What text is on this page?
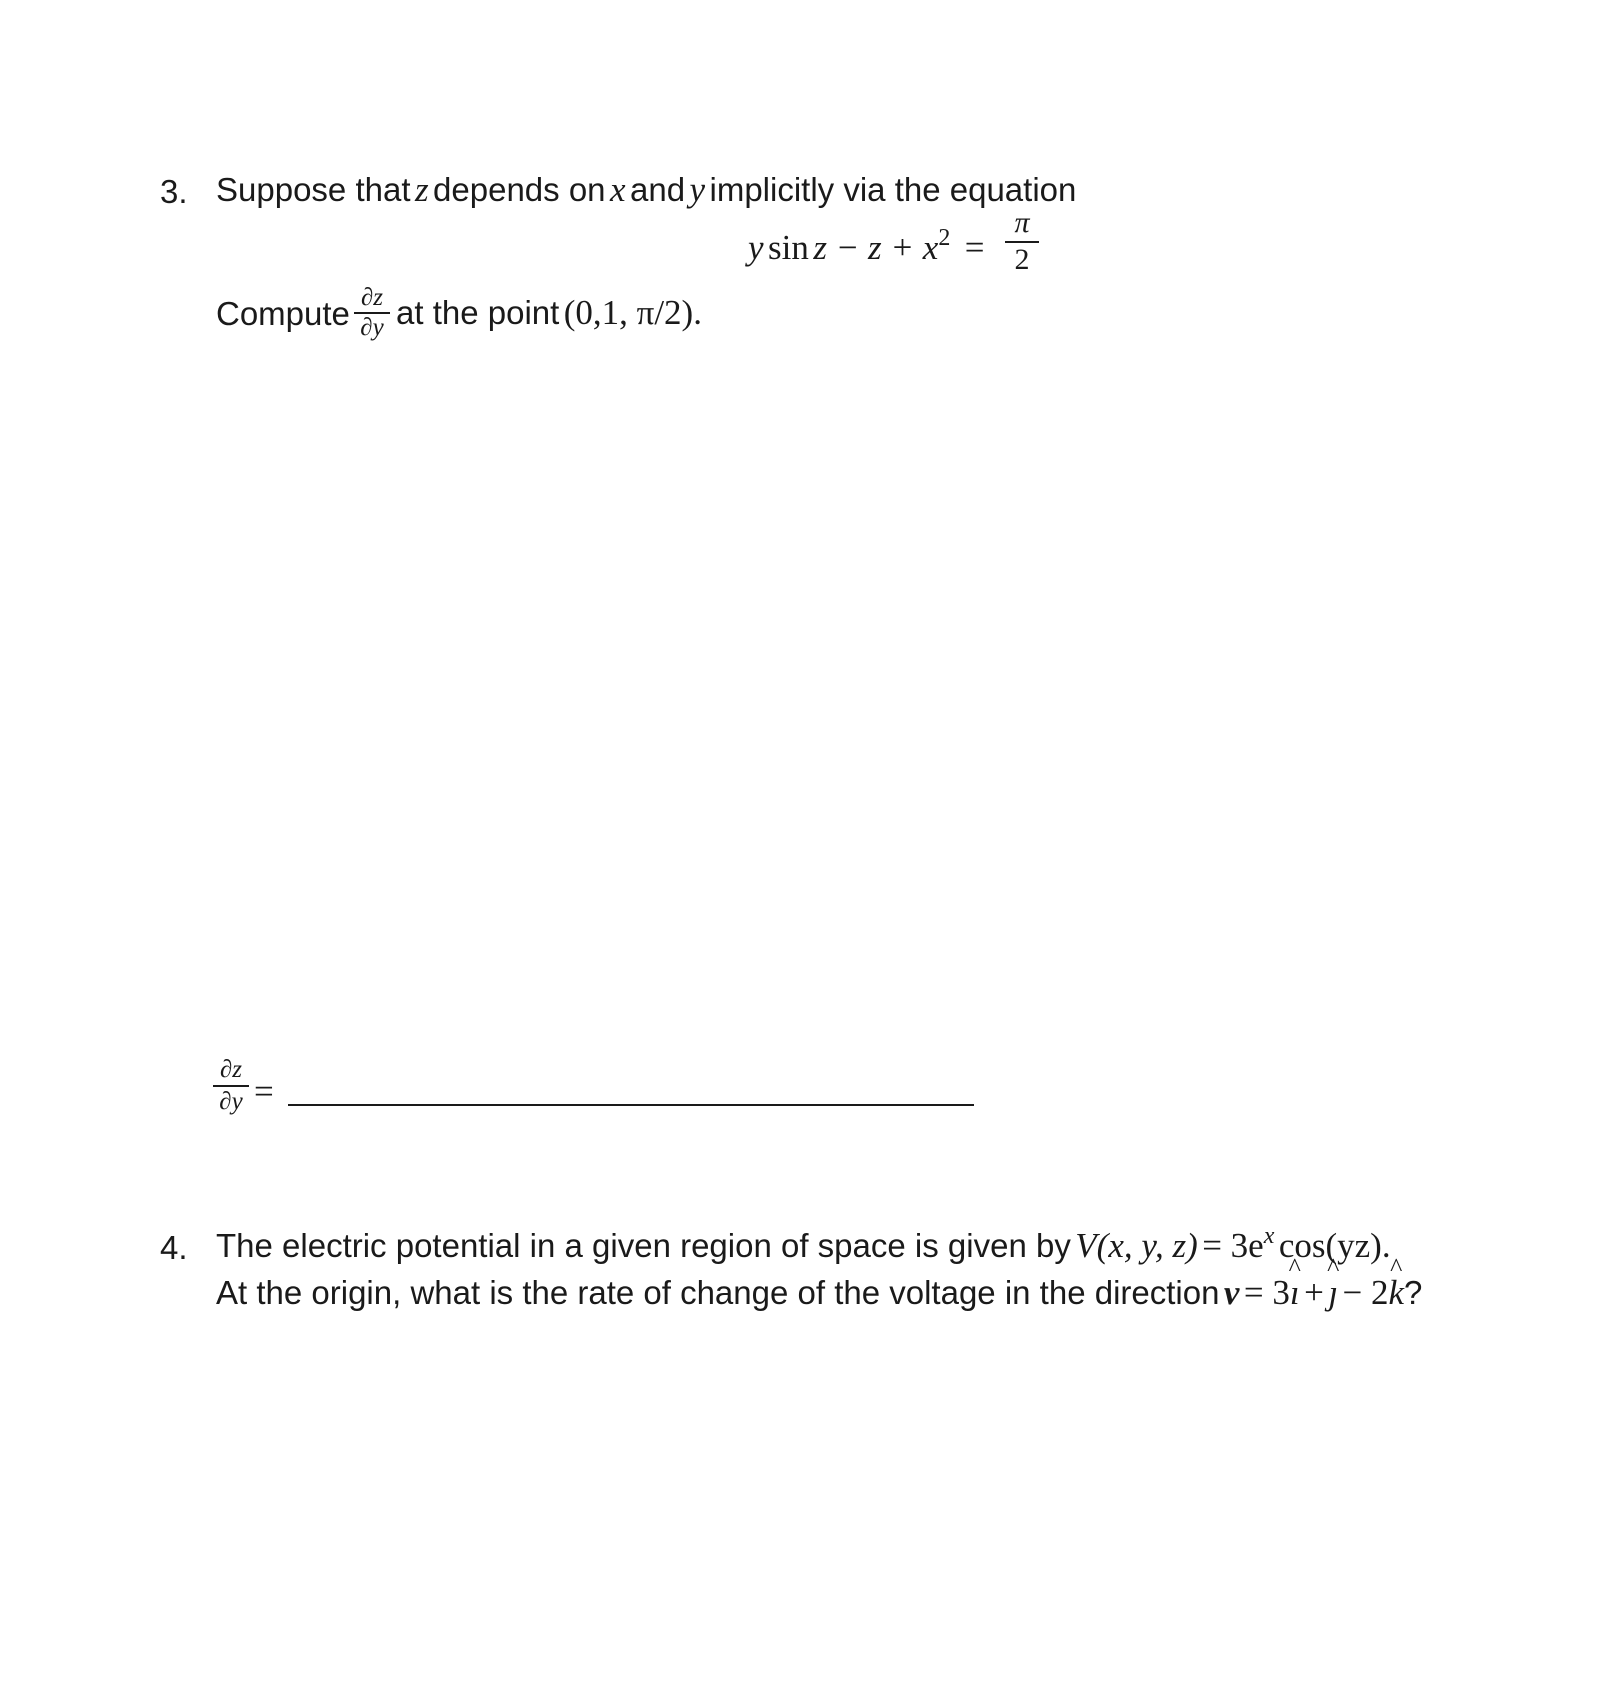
3. Suppose that z depends on x and y implicitly via the equation
y sin z − z + x2 =
π
2
Compute ∂z
∂y at the point (0,1, π/2).
∂z
∂y =
4. The electric potential in a given region of space is given by V(x, y, z) = 3ex cos(yz).
At the origin, what is the rate of change of the voltage in the direction v = 3ı ^ + ȷ ^ − 2k ^?
